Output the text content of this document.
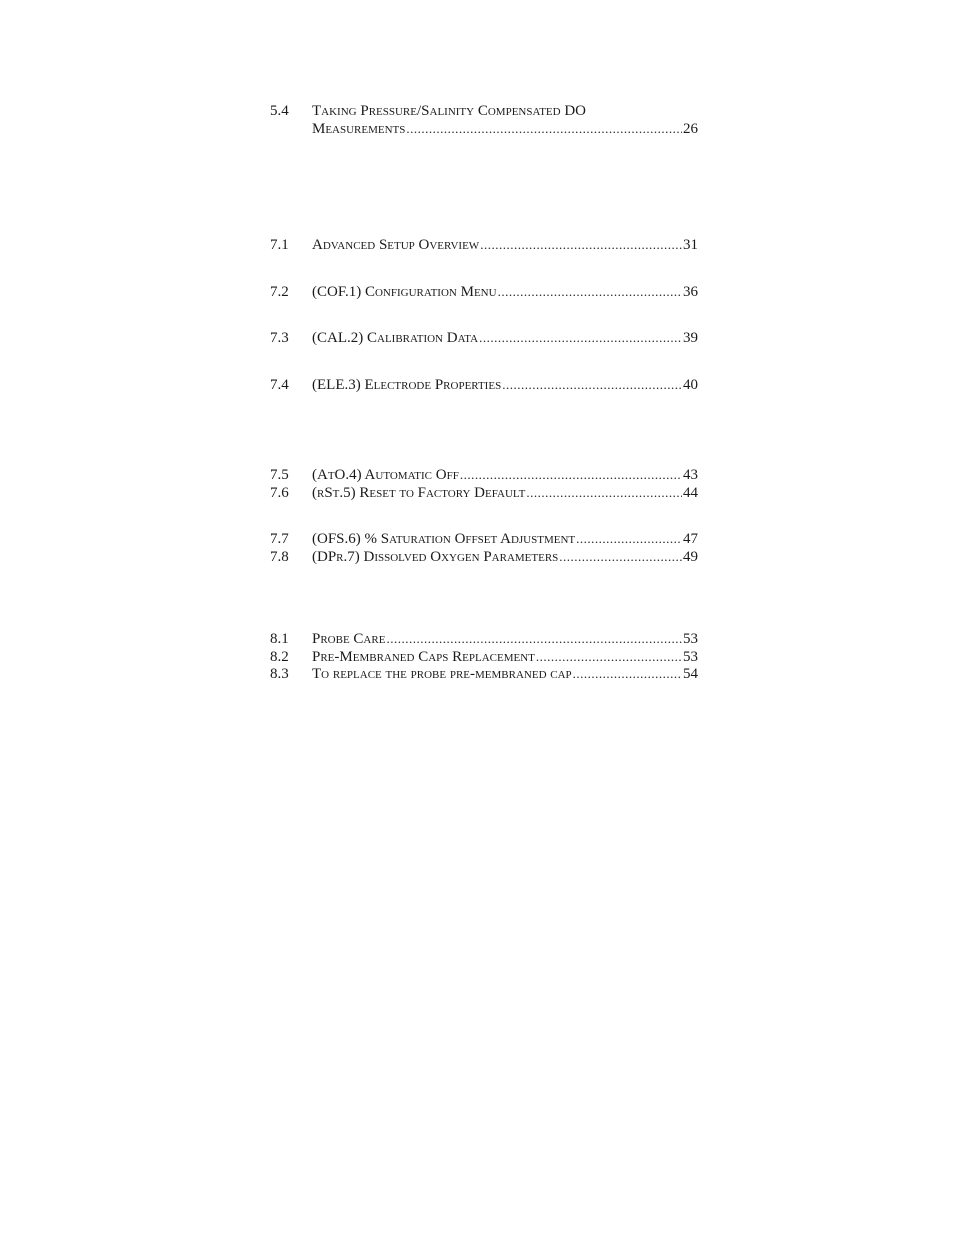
5.4	Taking Pressure/Salinity Compensated DO
Measurements .....	26
7.1	Advanced Setup Overview .....	31
7.2	(COF.1) Configuration Menu .....	36
7.3	(CAL.2) Calibration Data .....	39
7.4	(ELE.3) Electrode Properties .....	40
7.5	(AtO.4) Automatic Off .....	43
7.6	(rSt.5) Reset to Factory Default .....	44
7.7	(OFS.6) % Saturation Offset Adjustment .....	47
7.8	(DPr.7) Dissolved Oxygen Parameters .....	49
8.1	Probe Care .....	53
8.2	Pre-Membraned Caps Replacement .....	53
8.3	To replace the probe pre-membraned cap .....	54
